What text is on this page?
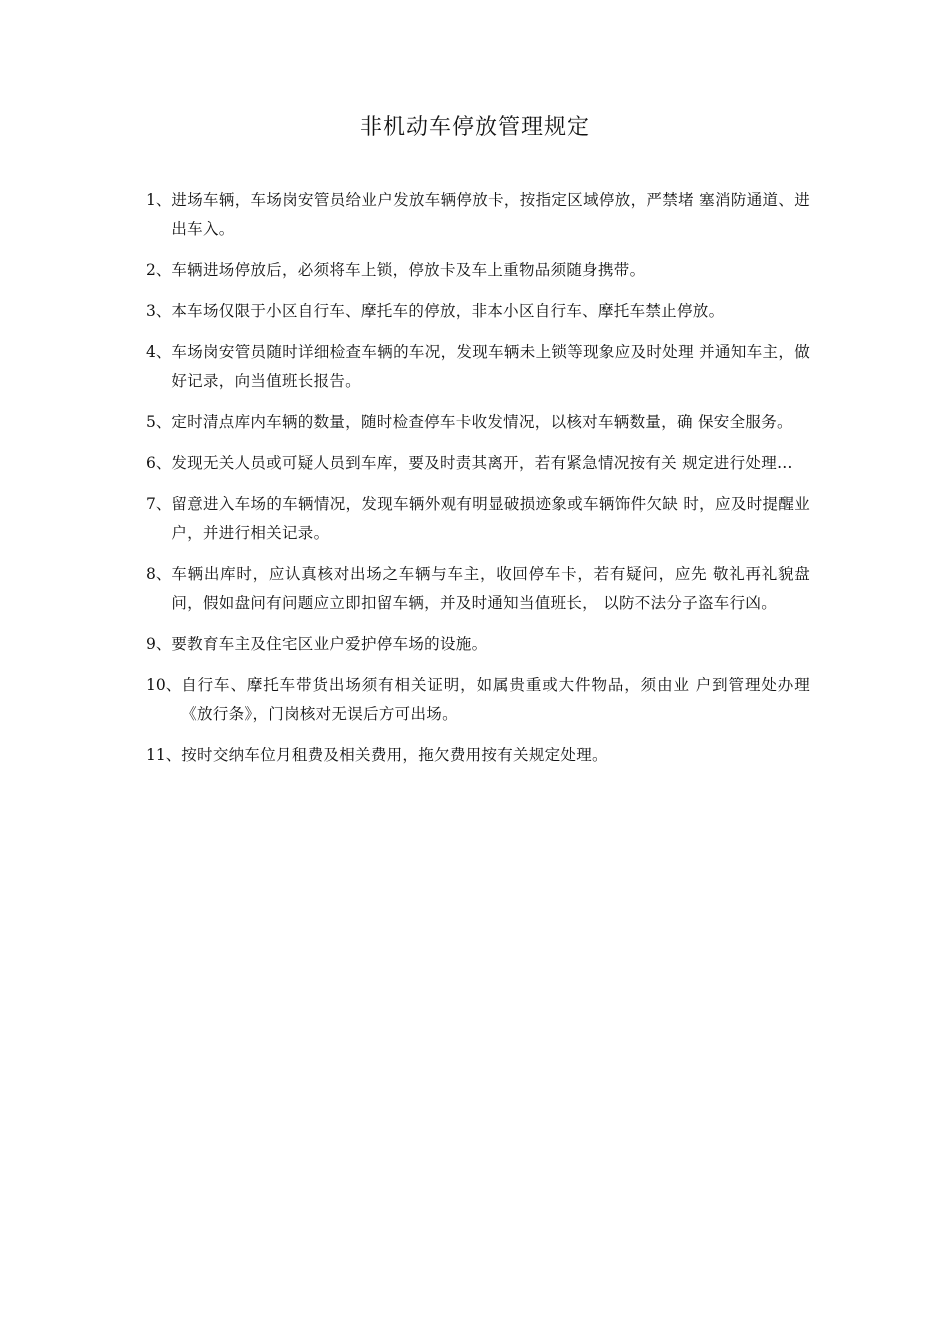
非机动车停放管理规定
1、 进场车辆，车场岗安管员给业户发放车辆停放卡，按指定区域停放，严禁堵 塞消防通道、进出车入。
2、 车辆进场停放后，必须将车上锁，停放卡及车上重物品须随身携带。
3、 本车场仅限于小区自行车、摩托车的停放，非本小区自行车、摩托车禁止停放。
4、 车场岗安管员随时详细检查车辆的车况，发现车辆未上锁等现象应及时处理 并通知车主，做好记录，向当值班长报告。
5、 定时清点库内车辆的数量，随时检查停车卡收发情况，以核对车辆数量，确 保安全服务。
6、 发现无关人员或可疑人员到车库，要及时责其离开，若有紧急情况按有关 规定进行处理…
7、 留意进入车场的车辆情况，发现车辆外观有明显破损迹象或车辆饰件欠缺 时，应及时提醒业户，并进行相关记录。
8、 车辆出库时，应认真核对出场之车辆与车主，收回停车卡，若有疑问，应先 敬礼再礼貌盘问，假如盘问有问题应立即扣留车辆，并及时通知当值班长， 以防不法分子盗车行凶。
9、 要教育车主及住宅区业户爱护停车场的设施。
10、 自行车、摩托车带货出场须有相关证明，如属贵重或大件物品，须由业 户到管理处办理《放行条》，门岗核对无误后方可出场。
11、 按时交纳车位月租费及相关费用，拖欠费用按有关规定处理。
